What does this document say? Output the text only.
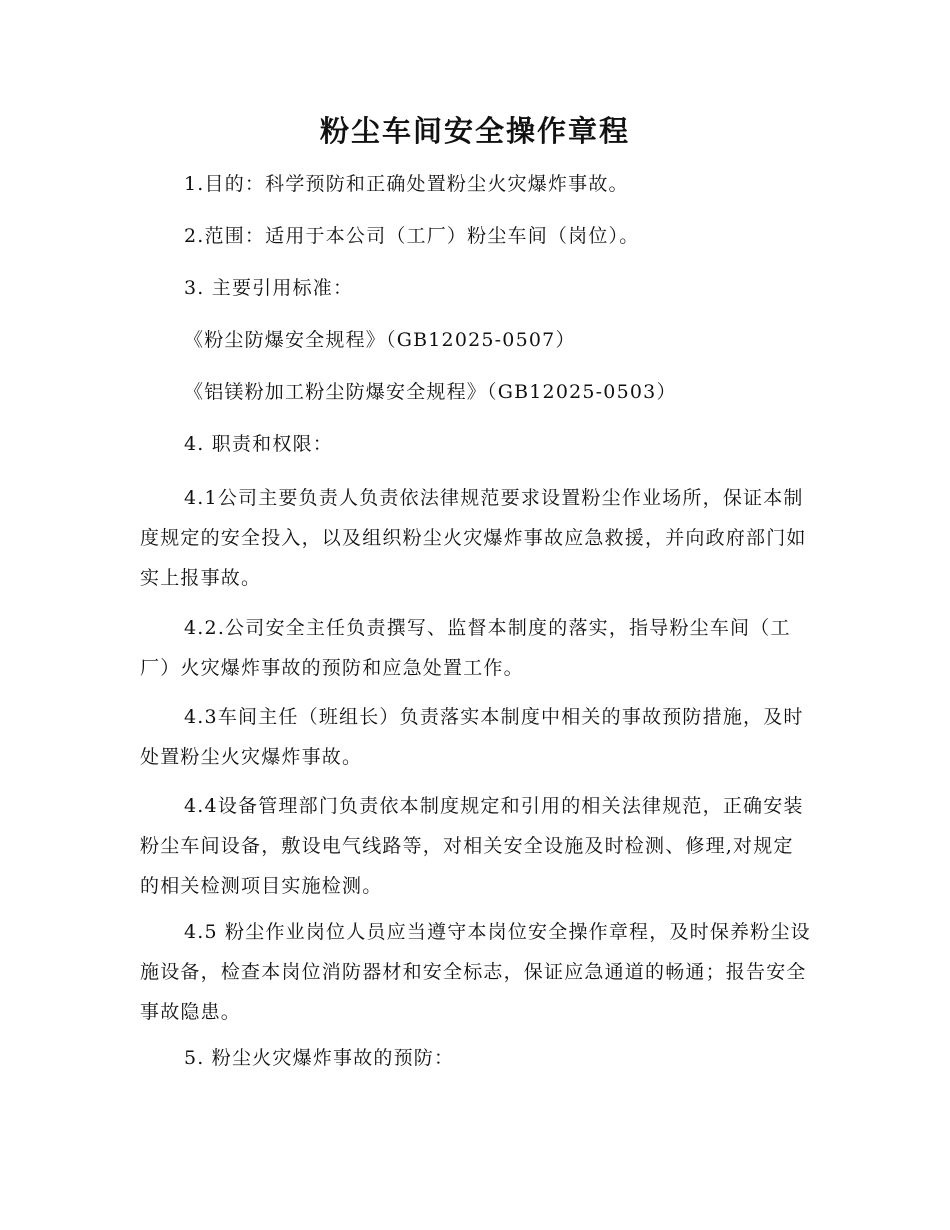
粉尘车间安全操作章程

1.目的：科学预防和正确处置粉尘火灾爆炸事故。

2.范围：适用于本公司（工厂）粉尘车间（岗位）。

3. 主要引用标准：

《粉尘防爆安全规程》（GB12025-0507）

《铝镁粉加工粉尘防爆安全规程》（GB12025-0503）

4. 职责和权限：

4.1公司主要负责人负责依法律规范要求设置粉尘作业场所，保证本制度规定的安全投入，以及组织粉尘火灾爆炸事故应急救援，并向政府部门如实上报事故。

4.2.公司安全主任负责撰写、监督本制度的落实，指导粉尘车间（工厂）火灾爆炸事故的预防和应急处置工作。

4.3车间主任（班组长）负责落实本制度中相关的事故预防措施，及时处置粉尘火灾爆炸事故。

4.4设备管理部门负责依本制度规定和引用的相关法律规范，正确安装粉尘车间设备，敷设电气线路等，对相关安全设施及时检测、修理,对规定的相关检测项目实施检测。

4.5 粉尘作业岗位人员应当遵守本岗位安全操作章程，及时保养粉尘设施设备，检查本岗位消防器材和安全标志，保证应急通道的畅通；报告安全事故隐患。

5. 粉尘火灾爆炸事故的预防：
